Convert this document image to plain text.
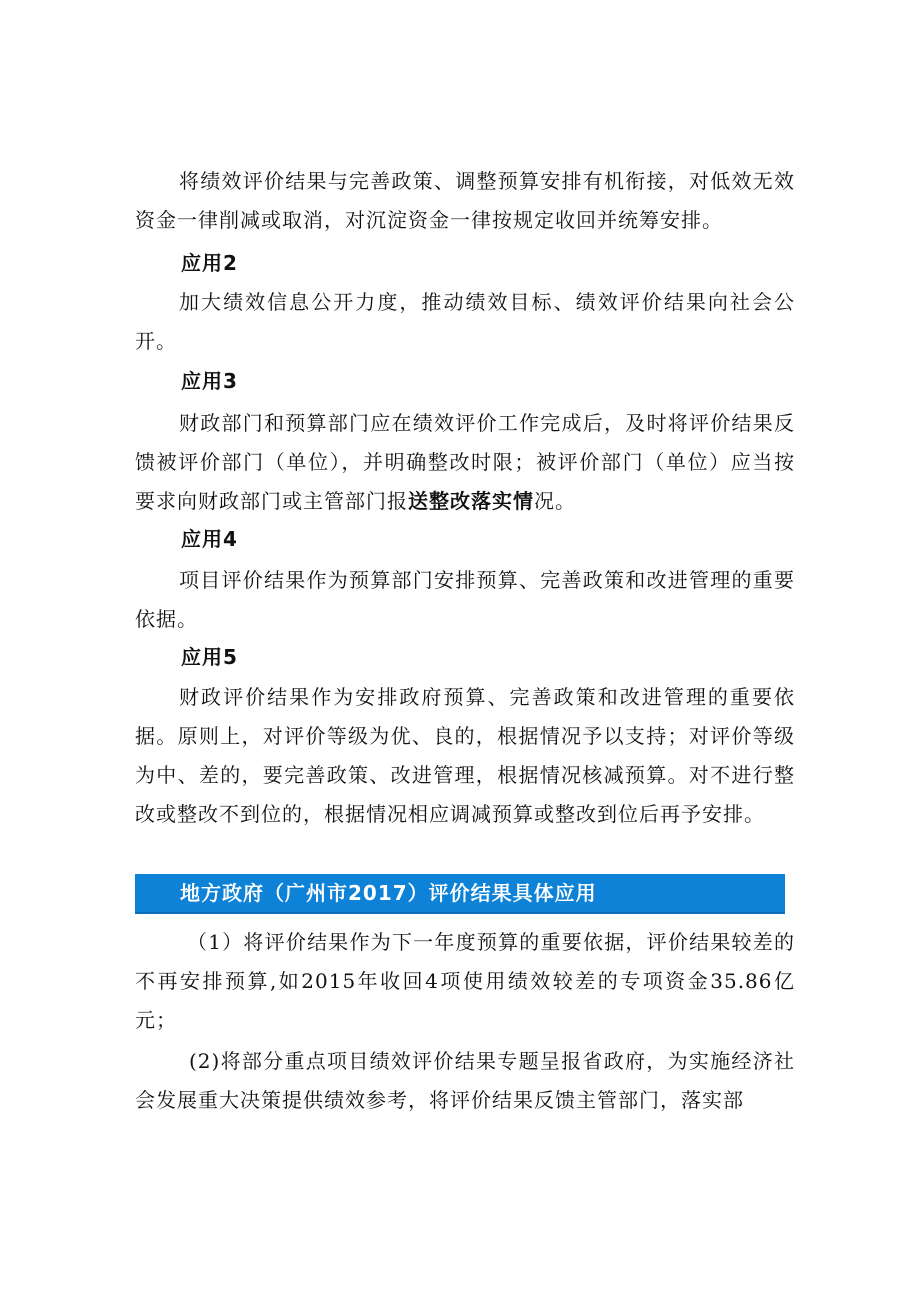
将绩效评价结果与完善政策、调整预算安排有机衔接，对低效无效资金一律削减或取消，对沉淀资金一律按规定收回并统筹安排。

应用2

加大绩效信息公开力度，推动绩效目标、绩效评价结果向社会公开。

应用3

财政部门和预算部门应在绩效评价工作完成后，及时将评价结果反馈被评价部门（单位），并明确整改时限；被评价部门（单位）应当按要求向财政部门或主管部门报送整改落实情况。

应用4

项目评价结果作为预算部门安排预算、完善政策和改进管理的重要依据。

应用5

财政评价结果作为安排政府预算、完善政策和改进管理的重要依据。原则上，对评价等级为优、良的，根据情况予以支持；对评价等级为中、差的，要完善政策、改进管理，根据情况核减预算。对不进行整改或整改不到位的，根据情况相应调减预算或整改到位后再予安排。

地方政府（广州市2017）评价结果具体应用

（1）将评价结果作为下一年度预算的重要依据，评价结果较差的不再安排预算,如2015年收回4项使用绩效较差的专项资金35.86亿元；

(2)将部分重点项目绩效评价结果专题呈报省政府，为实施经济社会发展重大决策提供绩效参考，将评价结果反馈主管部门，落实部
